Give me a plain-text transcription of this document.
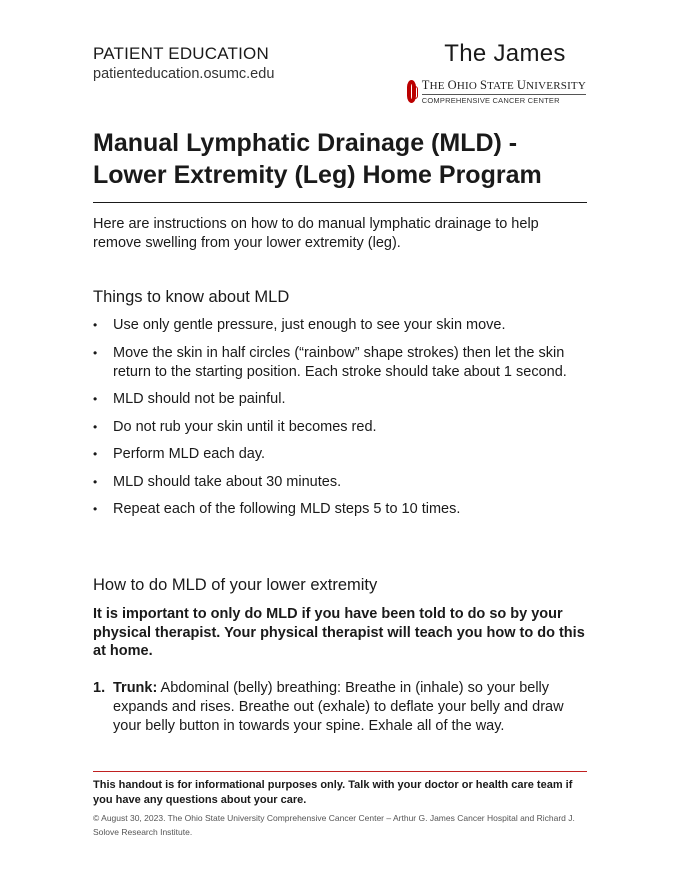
PATIENT EDUCATION
patienteducation.osumc.edu
The James
THE OHIO STATE UNIVERSITY
COMPREHENSIVE CANCER CENTER
Manual Lymphatic Drainage (MLD) - Lower Extremity (Leg) Home Program

Here are instructions on how to do manual lymphatic drainage to help remove swelling from your lower extremity (leg).

Things to know about MLD
• Use only gentle pressure, just enough to see your skin move.
• Move the skin in half circles (“rainbow” shape strokes) then let the skin return to the starting position. Each stroke should take about 1 second.
• MLD should not be painful.
• Do not rub your skin until it becomes red.
• Perform MLD each day.
• MLD should take about 30 minutes.
• Repeat each of the following MLD steps 5 to 10 times.
How to do MLD of your lower extremity

It is important to only do MLD if you have been told to do so by your physical therapist. Your physical therapist will teach you how to do this at home.

1. Trunk: Abdominal (belly) breathing: Breathe in (inhale) so your belly expands and rises. Breathe out (exhale) to deflate your belly and draw your belly button in towards your spine. Exhale all of the way.

This handout is for informational purposes only. Talk with your doctor or health care team if you have any questions about your care.

© August 30, 2023. The Ohio State University Comprehensive Cancer Center – Arthur G. James Cancer Hospital and Richard J. Solove Research Institute.
